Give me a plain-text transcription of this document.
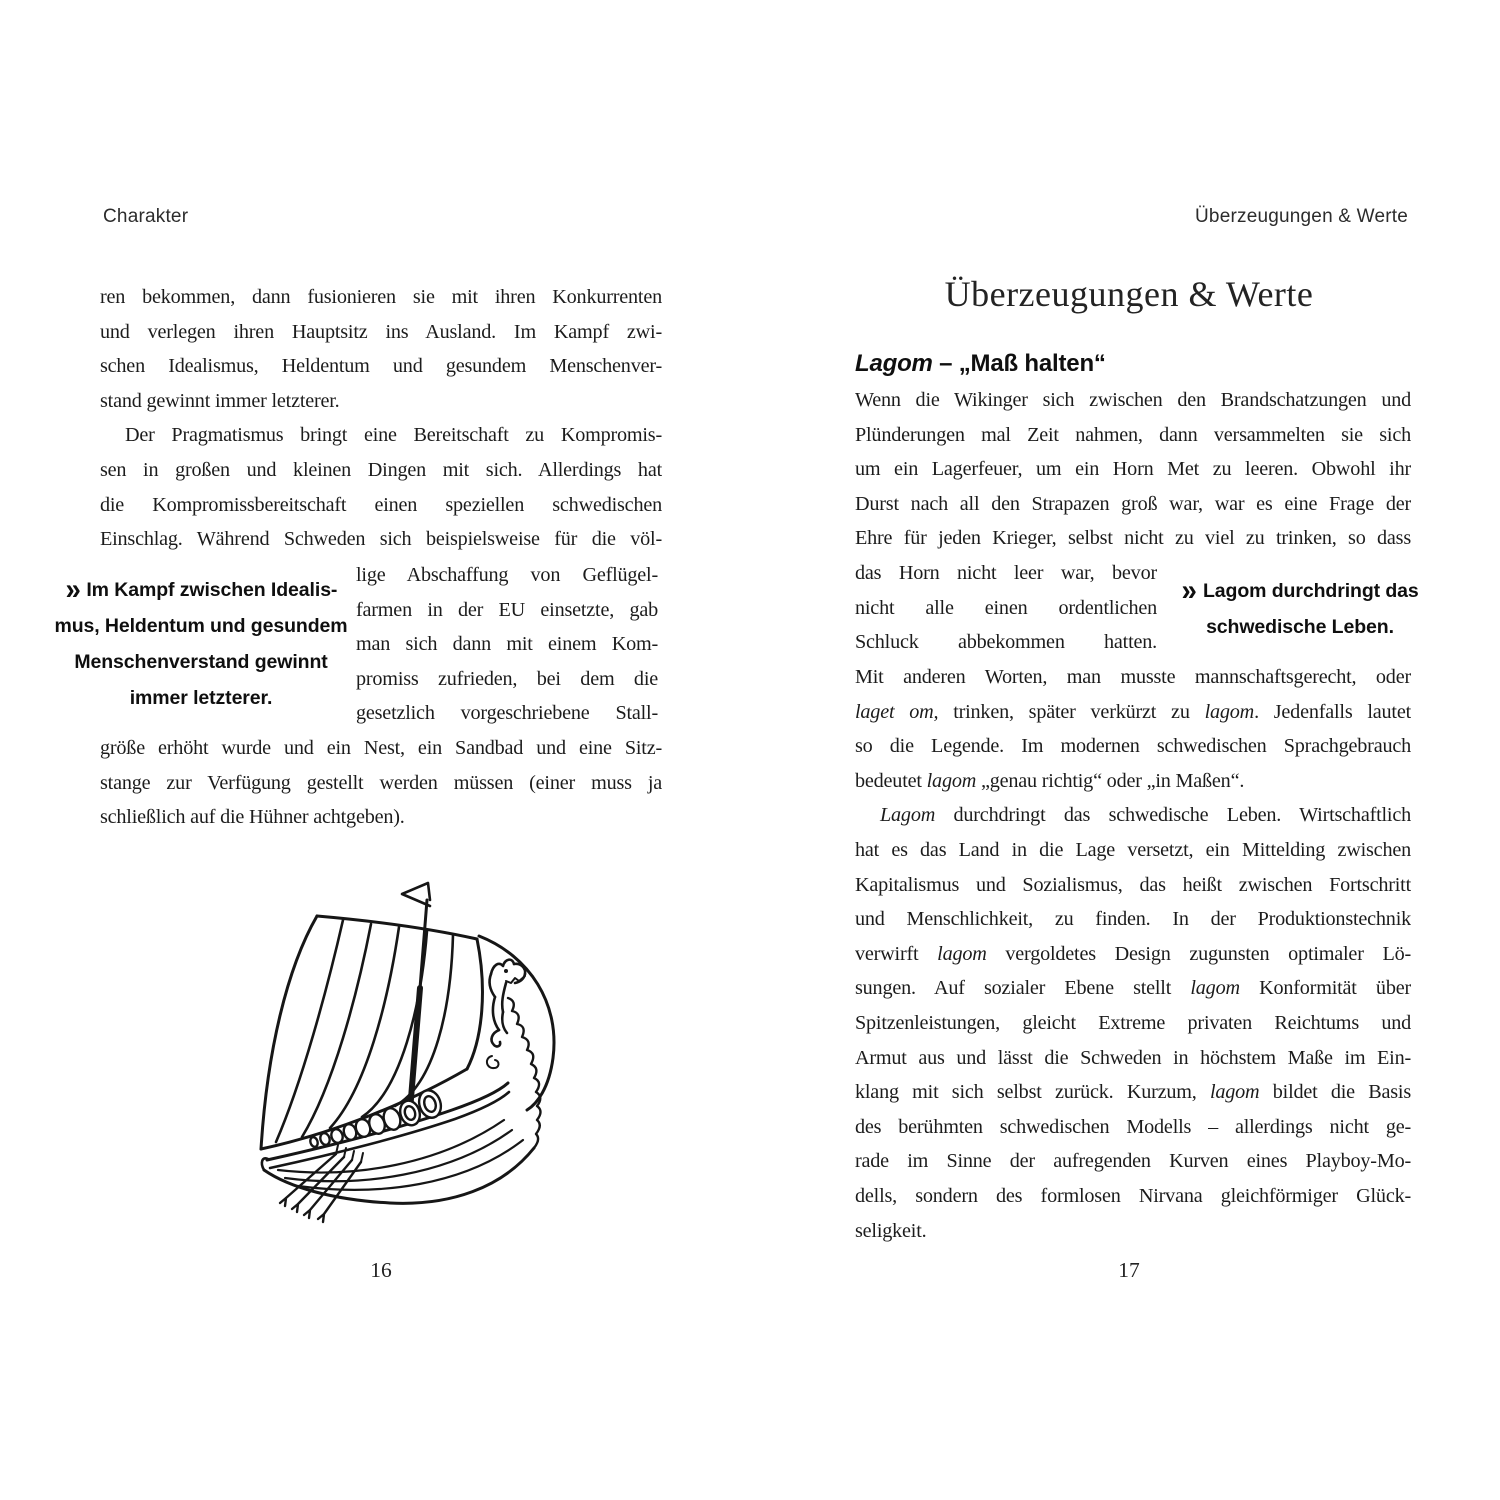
Charakter
ren bekommen, dann fusionieren sie mit ihren Konkurrenten
und verlegen ihren Hauptsitz ins Ausland. Im Kampf zwi-
schen Idealismus, Heldentum und gesundem Menschenver-
stand gewinnt immer letzterer.
Der Pragmatismus bringt eine Bereitschaft zu Kompromis-
sen in großen und kleinen Dingen mit sich. Allerdings hat
die Kompromissbereitschaft einen speziellen schwedischen
Einschlag. Während Schweden sich beispielsweise für die völ-
» Im Kampf zwischen Idealis-
mus, Heldentum und gesundem
Menschenverstand gewinnt
immer letzterer.
lige Abschaffung von Geflügel-
farmen in der EU einsetzte, gab
man sich dann mit einem Kom-
promiss zufrieden, bei dem die
gesetzlich vorgeschriebene Stall-
größe erhöht wurde und ein Nest, ein Sandbad und eine Sitz-
stange zur Verfügung gestellt werden müssen (einer muss ja
schließlich auf die Hühner achtgeben).
16
Überzeugungen & Werte
Überzeugungen & Werte
Lagom – „Maß halten“
Wenn die Wikinger sich zwischen den Brandschatzungen und
Plünderungen mal Zeit nahmen, dann versammelten sie sich
um ein Lagerfeuer, um ein Horn Met zu leeren. Obwohl ihr
Durst nach all den Strapazen groß war, war es eine Frage der
Ehre für jeden Krieger, selbst nicht zu viel zu trinken, so dass
das Horn nicht leer war, bevor
nicht alle einen ordentlichen
Schluck abbekommen hatten.
» Lagom durchdringt das
schwedische Leben.
Mit anderen Worten, man musste mannschaftsgerecht, oder
laget om, trinken, später verkürzt zu lagom. Jedenfalls lautet
so die Legende. Im modernen schwedischen Sprachgebrauch
bedeutet lagom „genau richtig“ oder „in Maßen“.
Lagom durchdringt das schwedische Leben. Wirtschaftlich
hat es das Land in die Lage versetzt, ein Mittelding zwischen
Kapitalismus und Sozialismus, das heißt zwischen Fortschritt
und Menschlichkeit, zu finden. In der Produktionstechnik
verwirft lagom vergoldetes Design zugunsten optimaler Lö-
sungen. Auf sozialer Ebene stellt lagom Konformität über
Spitzenleistungen, gleicht Extreme privaten Reichtums und
Armut aus und lässt die Schweden in höchstem Maße im Ein-
klang mit sich selbst zurück. Kurzum, lagom bildet die Basis
des berühmten schwedischen Modells – allerdings nicht ge-
rade im Sinne der aufregenden Kurven eines Playboy-Mo-
dells, sondern des formlosen Nirvana gleichförmiger Glück-
seligkeit.
17
